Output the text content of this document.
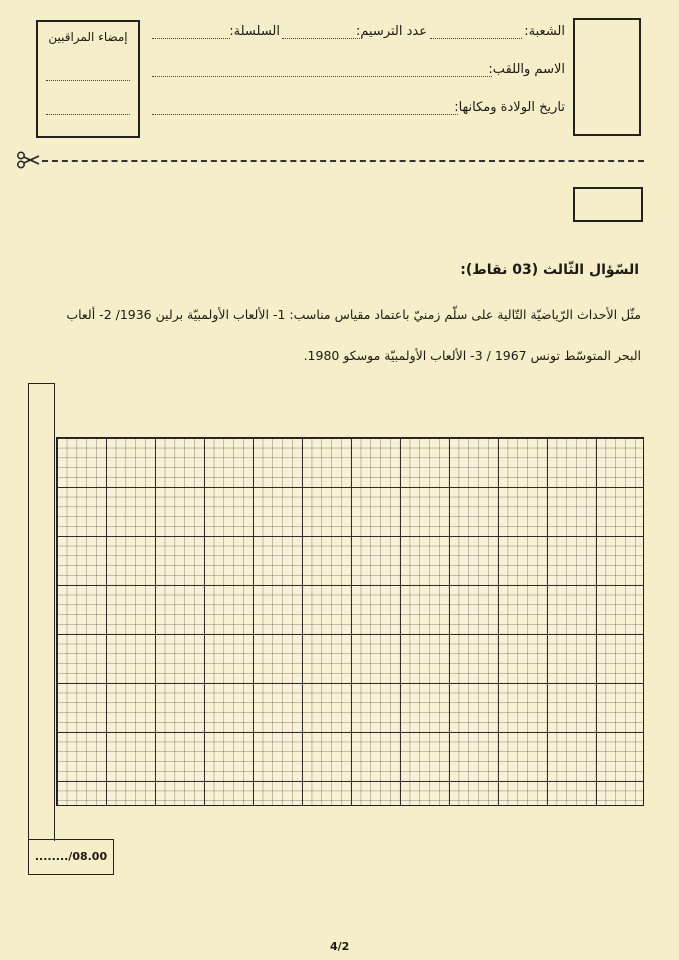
إمضاء المراقبين	الشعبة:
عدد الترسيم:
السلسلة:
الاسم واللقب:
تاريخ الولادة ومكانها:
السّؤال الثّالث (03 نقاط):
مثّل الأحداث الرّياضيّة التّالية على سلّم زمنيّ باعتماد مقياس مناسب: 1- الألعاب الأولمبيّة برلين 1936/ 2- ألعاب
البحر المتوسّط تونس 1967 / 3- الألعاب الأولمبيّة موسكو 1980.
......../08.00
4/2
